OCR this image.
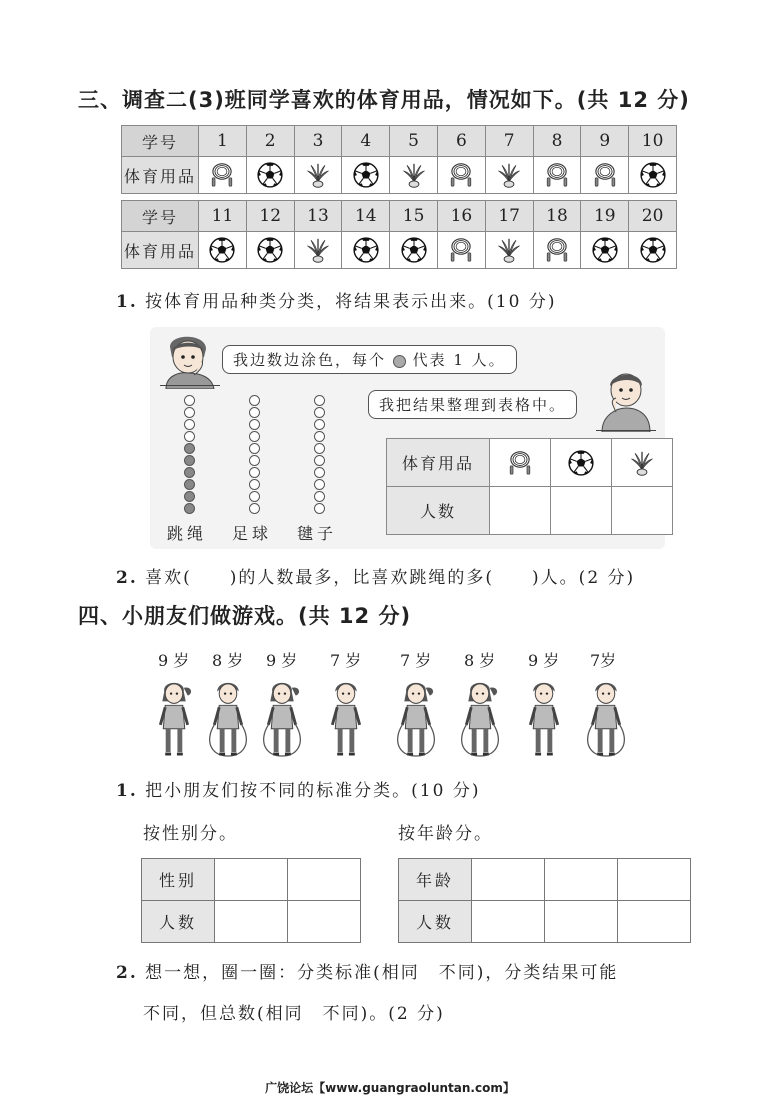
三、调查二(3)班同学喜欢的体育用品，情况如下。(共 12 分)
学号	1	2	3	4	5	6	7	8	9	10
体育用品										

学号	11	12	13	14	15	16	17	18	19	20
体育用品										
1. 按体育用品种类分类，将结果表示出来。(10 分)
我边数边涂色，每个 代表 1 人。
我把结果整理到表格中。
跳绳 足球 毽子
体育用品			
人数			
2. 喜欢(　　)的人数最多，比喜欢跳绳的多(　　)人。(2 分)
四、小朋友们做游戏。(共 12 分)
9 岁 8 岁 9 岁 7 岁 7 岁 8 岁 9 岁 7岁
1. 把小朋友们按不同的标准分类。(10 分)
按性别分。	按年龄分。
性别		
人数		
年龄			
人数			
2. 想一想，圈一圈：分类标准(相同　不同)，分类结果可能
不同，但总数(相同　不同)。(2 分)
广饶论坛【www.guangraoluntan.com】
